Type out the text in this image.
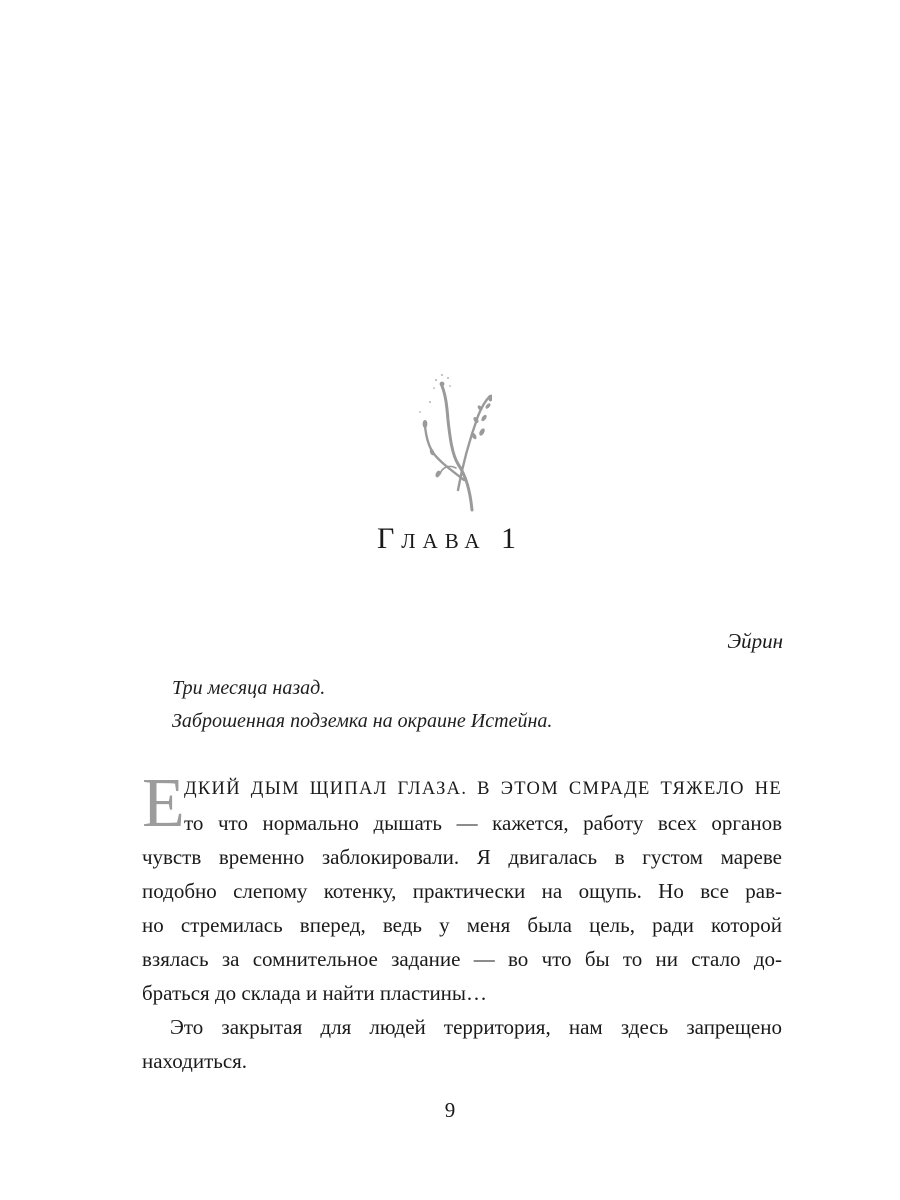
Глава 1
Эйрин
Три месяца назад.
Заброшенная подземка на окраине Истейна.
Е ДКИЙ ДЫМ ЩИПАЛ ГЛАЗА. В ЭТОМ СМРАДЕ ТЯЖЕЛО НЕ
то что нормально дышать — кажется, работу всех органов
чувств временно заблокировали. Я двигалась в густом мареве
подобно слепому котенку, практически на ощупь. Но все рав-
но стремилась вперед, ведь у меня была цель, ради которой
взялась за сомнительное задание — во что бы то ни стало до-
браться до склада и найти пластины…
Это закрытая для людей территория, нам здесь запрещено
находиться.
9
